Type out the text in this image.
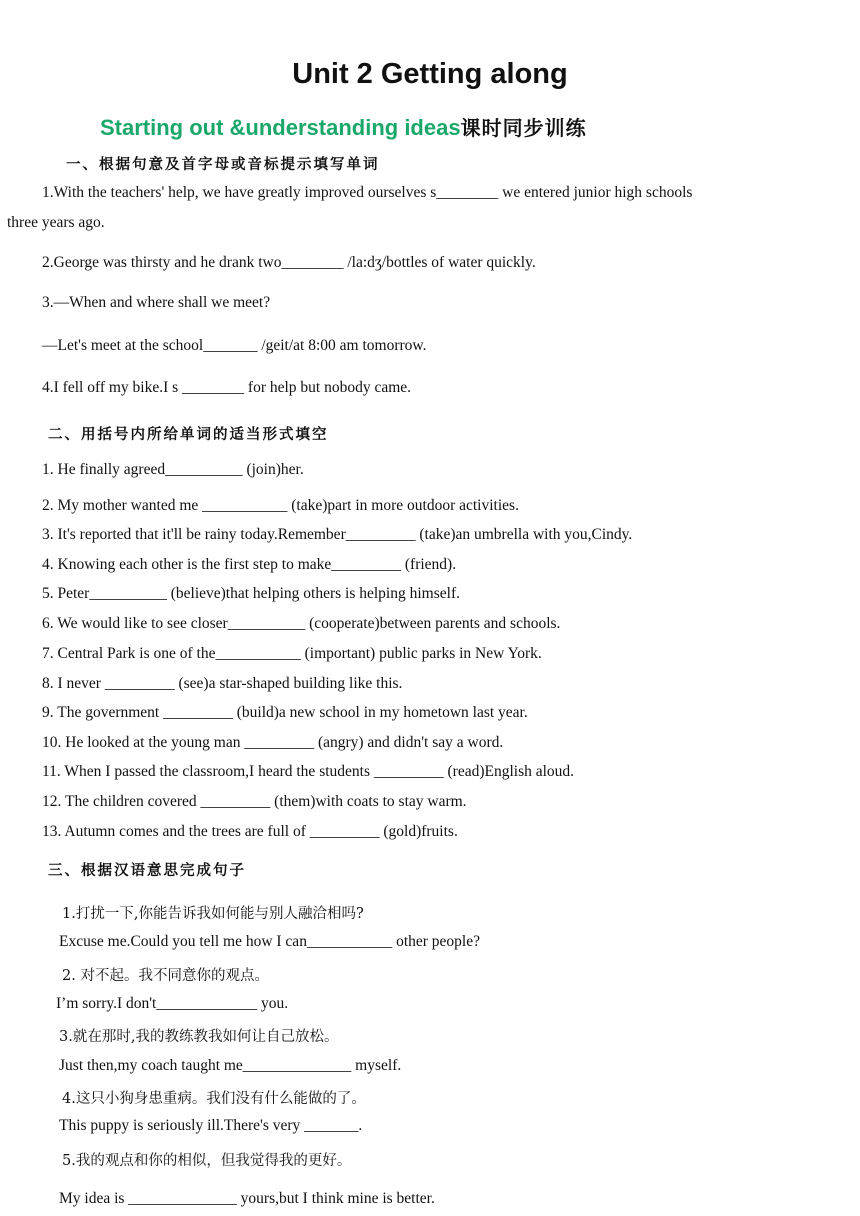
Unit 2 Getting along
Starting out &understanding ideas课时同步训练
一、根据句意及首字母或音标提示填写单词
1.With the teachers' help, we have greatly improved ourselves s________ we entered junior high schools
three years ago.
2.George was thirsty and he drank two________ /la:dʒ/bottles of water quickly.
3.—When and where shall we meet?
—Let's meet at the school_______ /geit/at 8:00 am tomorrow.
4.I fell off my bike.I s ________ for help but nobody came.
二、用括号内所给单词的适当形式填空
1. He finally agreed__________ (join)her.
2. My mother wanted me ___________ (take)part in more outdoor activities.
3. It's reported that it'll be rainy today.Remember_________ (take)an umbrella with you,Cindy.
4. Knowing each other is the first step to make_________ (friend).
5. Peter__________ (believe)that helping others is helping himself.
6. We would like to see closer__________ (cooperate)between parents and schools.
7. Central Park is one of the___________ (important) public parks in New York.
8. I never _________ (see)a star-shaped building like this.
9. The government _________ (build)a new school in my hometown last year.
10. He looked at the young man _________ (angry) and didn't say a word.
11. When I passed the classroom,I heard the students _________ (read)English aloud.
12. The children covered _________ (them)with coats to stay warm.
13. Autumn comes and the trees are full of _________ (gold)fruits.
三、根据汉语意思完成句子
1.打扰一下,你能告诉我如何能与别人融洽相吗?
Excuse me.Could you tell me how I can___________ other people?
2. 对不起。我不同意你的观点。
I’m sorry.I don't_____________ you.
3.就在那时,我的教练教我如何让自己放松。
Just then,my coach taught me______________ myself.
4.这只小狗身患重病。我们没有什么能做的了。
This puppy is seriously ill.There's very _______.
5.我的观点和你的相似，但我觉得我的更好。
My idea is ______________ yours,but I think mine is better.
